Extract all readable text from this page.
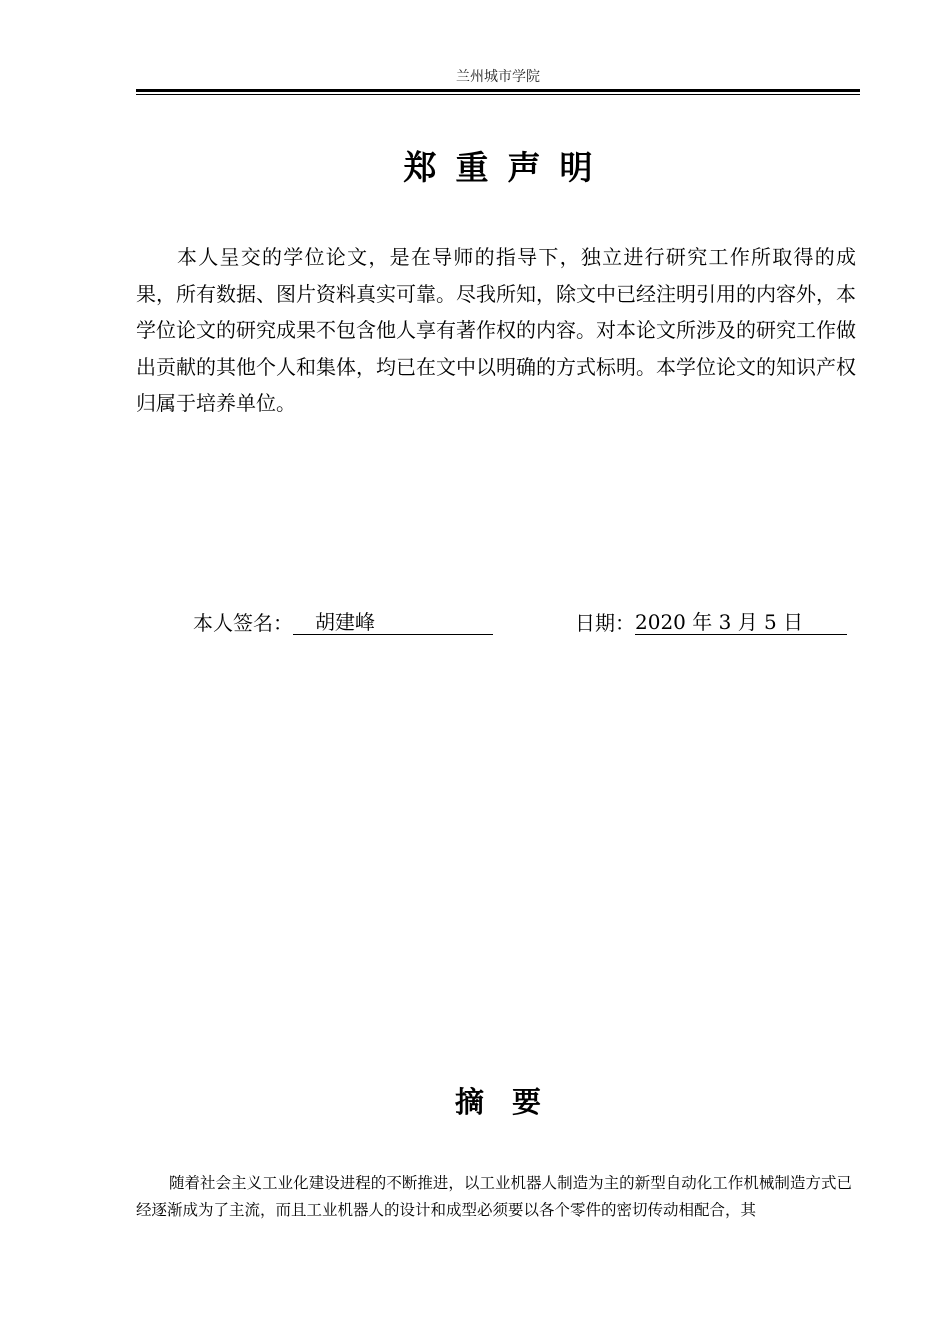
兰州城市学院
郑重声明

本人呈交的学位论文，是在导师的指导下，独立进行研究工作所取得的成果，所有数据、图片资料真实可靠。尽我所知，除文中已经注明引用的内容外，本学位论文的研究成果不包含他人享有著作权的内容。对本论文所涉及的研究工作做出贡献的其他个人和集体，均已在文中以明确的方式标明。本学位论文的知识产权归属于培养单位。

本人签名： 胡建峰	日期：2020 年 3 月 5 日
摘要

随着社会主义工业化建设进程的不断推进，以工业机器人制造为主的新型自动化工作机械制造方式已经逐渐成为了主流，而且工业机器人的设计和成型必须要以各个零件的密切传动相配合，其
